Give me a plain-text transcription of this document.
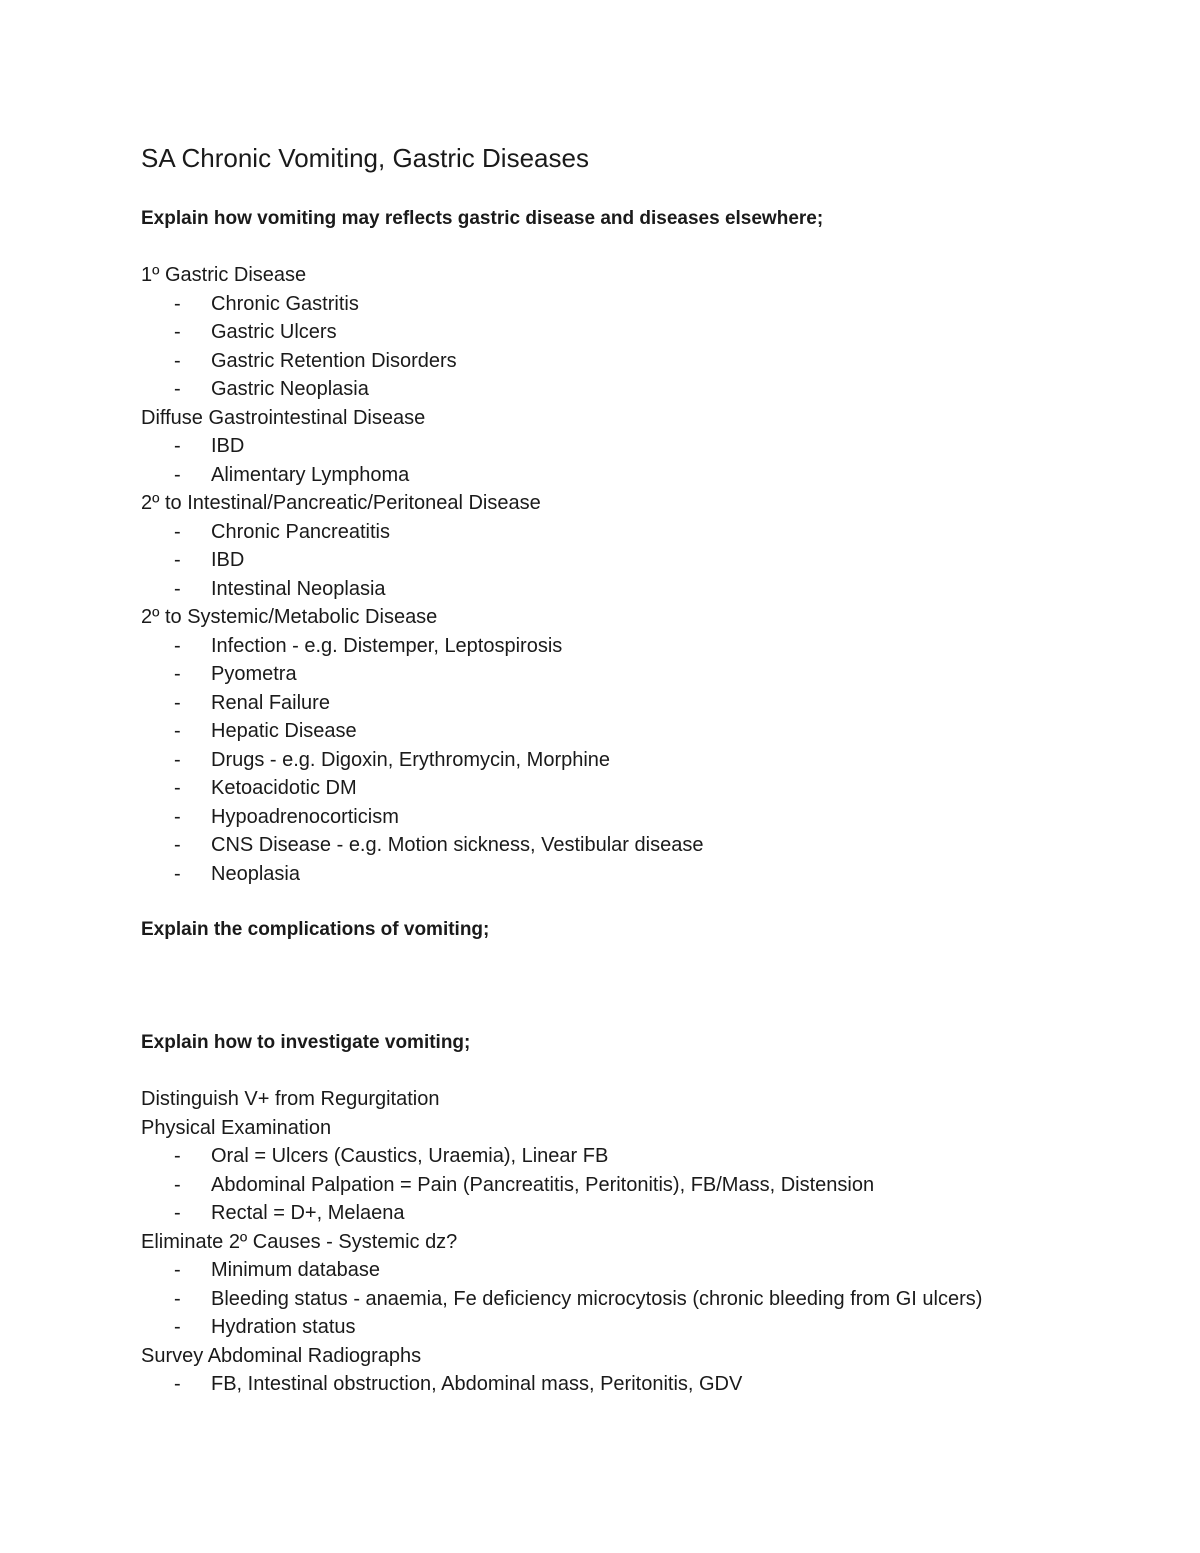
SA Chronic Vomiting, Gastric Diseases
Explain how vomiting may reflects gastric disease and diseases elsewhere;
1º Gastric Disease
- Chronic Gastritis
- Gastric Ulcers
- Gastric Retention Disorders
- Gastric Neoplasia
Diffuse Gastrointestinal Disease
- IBD
- Alimentary Lymphoma
2º to Intestinal/Pancreatic/Peritoneal Disease
- Chronic Pancreatitis
- IBD
- Intestinal Neoplasia
2º to Systemic/Metabolic Disease
- Infection - e.g. Distemper, Leptospirosis
- Pyometra
- Renal Failure
- Hepatic Disease
- Drugs - e.g. Digoxin, Erythromycin, Morphine
- Ketoacidotic DM
- Hypoadrenocorticism
- CNS Disease - e.g. Motion sickness, Vestibular disease
- Neoplasia
Explain the complications of vomiting;
Explain how to investigate vomiting;
Distinguish V+ from Regurgitation
Physical Examination
- Oral = Ulcers (Caustics, Uraemia), Linear FB
- Abdominal Palpation = Pain (Pancreatitis, Peritonitis), FB/Mass, Distension
- Rectal = D+, Melaena
Eliminate 2º Causes - Systemic dz?
- Minimum database
- Bleeding status - anaemia, Fe deficiency microcytosis (chronic bleeding from GI ulcers)
- Hydration status
Survey Abdominal Radiographs
- FB, Intestinal obstruction, Abdominal mass, Peritonitis, GDV
